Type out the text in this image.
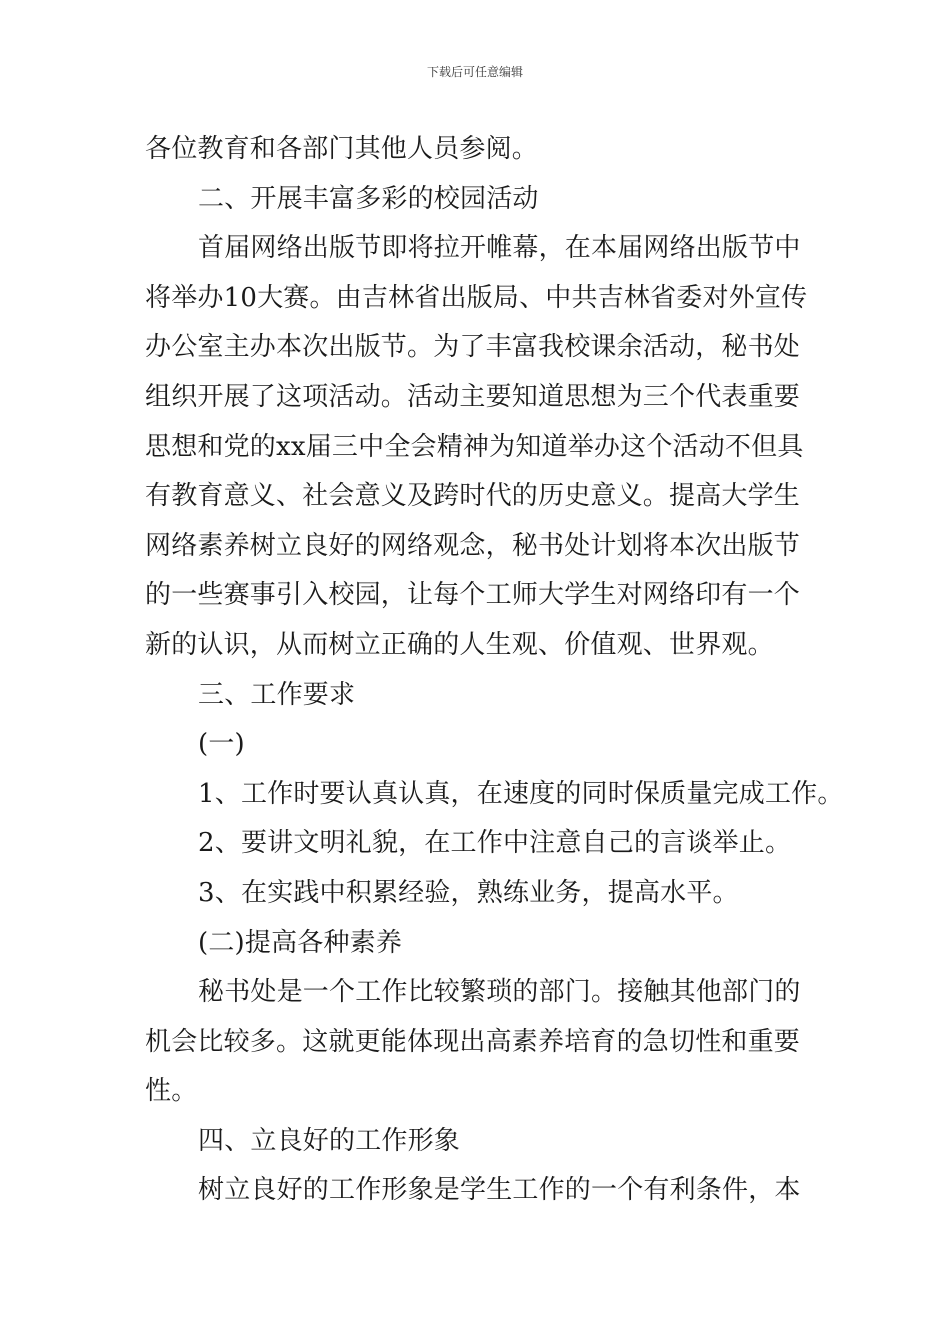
下载后可任意编辑
各位教育和各部门其他人员参阅。
二、开展丰富多彩的校园活动
首届网络出版节即将拉开帷幕，在本届网络出版节中
将举办10大赛。由吉林省出版局、中共吉林省委对外宣传
办公室主办本次出版节。为了丰富我校课余活动，秘书处
组织开展了这项活动。活动主要知道思想为三个代表重要
思想和党的xx届三中全会精神为知道举办这个活动不但具
有教育意义、社会意义及跨时代的历史意义。提高大学生
网络素养树立良好的网络观念，秘书处计划将本次出版节
的一些赛事引入校园，让每个工师大学生对网络印有一个
新的认识，从而树立正确的人生观、价值观、世界观。
三、工作要求
(一)
1、工作时要认真认真，在速度的同时保质量完成工作。
2、要讲文明礼貌，在工作中注意自己的言谈举止。
3、在实践中积累经验，熟练业务，提高水平。
(二)提高各种素养
秘书处是一个工作比较繁琐的部门。接触其他部门的
机会比较多。这就更能体现出高素养培育的急切性和重要
性。
四、立良好的工作形象
树立良好的工作形象是学生工作的一个有利条件，本
